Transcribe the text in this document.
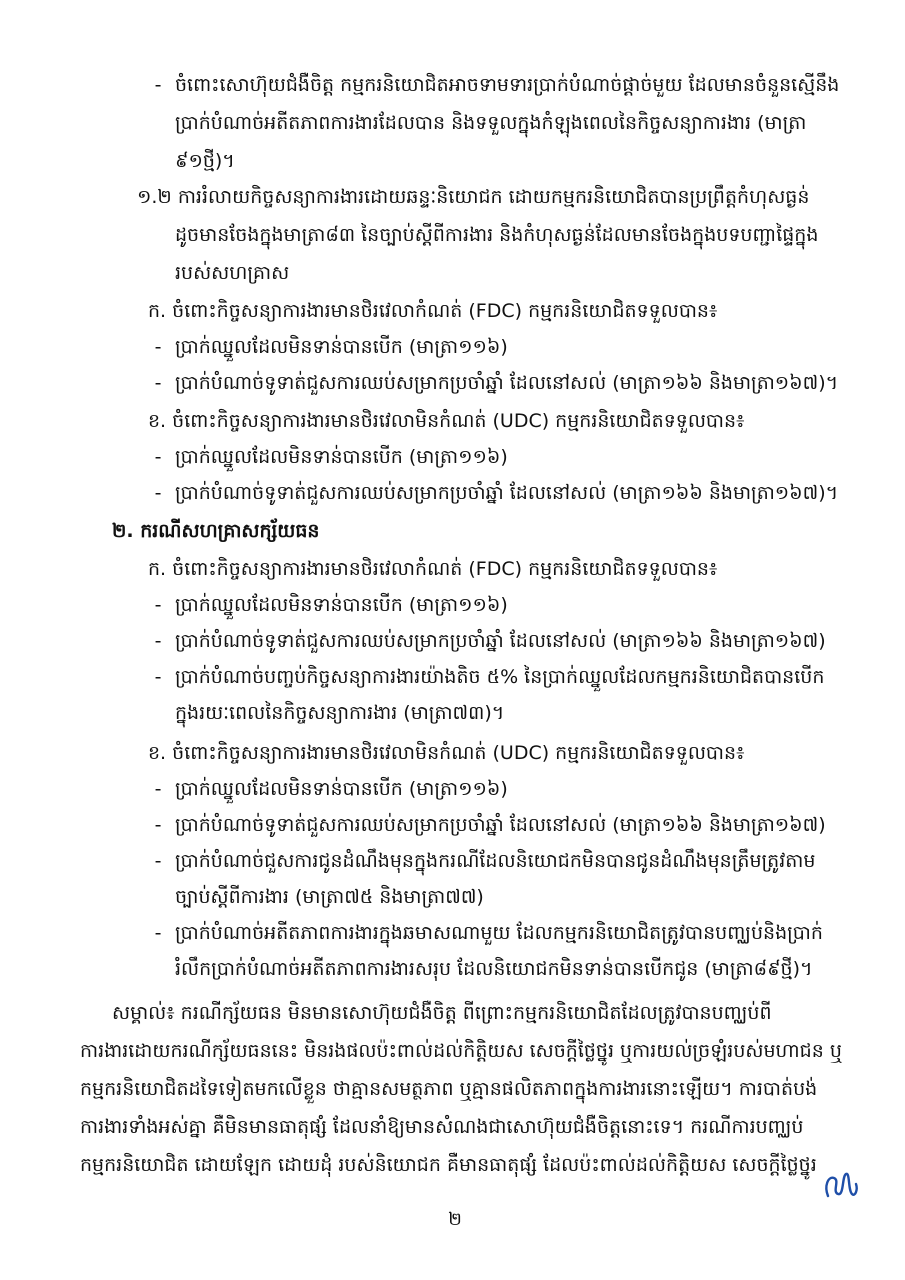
- ចំពោះសោហ៊ុយជំងឺចិត្ត កម្មករនិយោជិតអាចទាមទារប្រាក់បំណាច់ផ្ដាច់មួយ ដែលមានចំនួនស្មើនឹង
ប្រាក់បំណាច់អតីតភាពការងារដែលបាន និងទទួលក្នុងកំឡុងពេលនៃកិច្ចសន្យាការងារ (មាត្រា
៩១ថ្មី)។
១.២ ការរំលាយកិច្ចសន្យាការងារដោយឆន្ទៈនិយោជក ដោយកម្មករនិយោជិតបានប្រព្រឹត្តកំហុសធ្ងន់
ដូចមានចែងក្នុងមាត្រា៨៣ នៃច្បាប់ស្ដីពីការងារ និងកំហុសធ្ងន់ដែលមានចែងក្នុងបទបញ្ជាផ្ទៃក្នុង
របស់សហគ្រាស
ក. ចំពោះកិច្ចសន្យាការងារមានថិរវេលាកំណត់ (FDC) កម្មករនិយោជិតទទួលបាន៖
- ប្រាក់ឈ្នួលដែលមិនទាន់បានបើក (មាត្រា១១៦)
- ប្រាក់បំណាច់ទូទាត់ជួសការឈប់សម្រាកប្រចាំឆ្នាំ ដែលនៅសល់ (មាត្រា១៦៦ និងមាត្រា១៦៧)។
ខ. ចំពោះកិច្ចសន្យាការងារមានថិរវេលាមិនកំណត់ (UDC) កម្មករនិយោជិតទទួលបាន៖
- ប្រាក់ឈ្នួលដែលមិនទាន់បានបើក (មាត្រា១១៦)
- ប្រាក់បំណាច់ទូទាត់ជួសការឈប់សម្រាកប្រចាំឆ្នាំ ដែលនៅសល់ (មាត្រា១៦៦ និងមាត្រា១៦៧)។
២. ករណីសហគ្រាសក្ស័យធន
ក. ចំពោះកិច្ចសន្យាការងារមានថិរវេលាកំណត់ (FDC) កម្មករនិយោជិតទទួលបាន៖
- ប្រាក់ឈ្នួលដែលមិនទាន់បានបើក (មាត្រា១១៦)
- ប្រាក់បំណាច់ទូទាត់ជួសការឈប់សម្រាកប្រចាំឆ្នាំ ដែលនៅសល់ (មាត្រា១៦៦ និងមាត្រា១៦៧)
- ប្រាក់បំណាច់បញ្ចប់កិច្ចសន្យាការងារយ៉ាងតិច ៥% នៃប្រាក់ឈ្នួលដែលកម្មករនិយោជិតបានបើក
ក្នុងរយៈពេលនៃកិច្ចសន្យាការងារ (មាត្រា៧៣)។
ខ. ចំពោះកិច្ចសន្យាការងារមានថិរវេលាមិនកំណត់ (UDC) កម្មករនិយោជិតទទួលបាន៖
- ប្រាក់ឈ្នួលដែលមិនទាន់បានបើក (មាត្រា១១៦)
- ប្រាក់បំណាច់ទូទាត់ជួសការឈប់សម្រាកប្រចាំឆ្នាំ ដែលនៅសល់ (មាត្រា១៦៦ និងមាត្រា១៦៧)
- ប្រាក់បំណាច់ជួសការជូនដំណឹងមុនក្នុងករណីដែលនិយោជកមិនបានជូនដំណឹងមុនត្រឹមត្រូវតាម
ច្បាប់ស្ដីពីការងារ (មាត្រា៧៥ និងមាត្រា៧៧)
- ប្រាក់បំណាច់អតីតភាពការងារក្នុងឆមាសណាមួយ ដែលកម្មករនិយោជិតត្រូវបានបញ្ឈប់និងប្រាក់
រំលឹកប្រាក់បំណាច់អតីតភាពការងារសរុប ដែលនិយោជកមិនទាន់បានបើកជូន (មាត្រា៨៩ថ្មី)។
សម្គាល់៖ ករណីក្ស័យធន មិនមានសោហ៊ុយជំងឺចិត្ត ពីព្រោះកម្មករនិយោជិតដែលត្រូវបានបញ្ឈប់ពី
ការងារដោយករណីក្ស័យធននេះ មិនរងផលប៉ះពាល់ដល់កិត្តិយស សេចក្ដីថ្លៃថ្នូរ ឬការយល់ច្រឡំរបស់មហាជន ឬ
កម្មករនិយោជិតដទៃទៀតមកលើខ្លួន ថាគ្មានសមត្ថភាព ឬគ្មានផលិតភាពក្នុងការងារនោះឡើយ។ ការបាត់បង់
ការងារទាំងអស់គ្នា គឺមិនមានធាតុផ្សំ ដែលនាំឱ្យមានសំណងជាសោហ៊ុយជំងឺចិត្តនោះទេ។ ករណីការបញ្ឈប់
កម្មករនិយោជិត ដោយឡែក ដោយដុំ របស់និយោជក គឺមានធាតុផ្សំ ដែលប៉ះពាល់ដល់កិត្តិយស សេចក្ដីថ្លៃថ្នូរ
២
